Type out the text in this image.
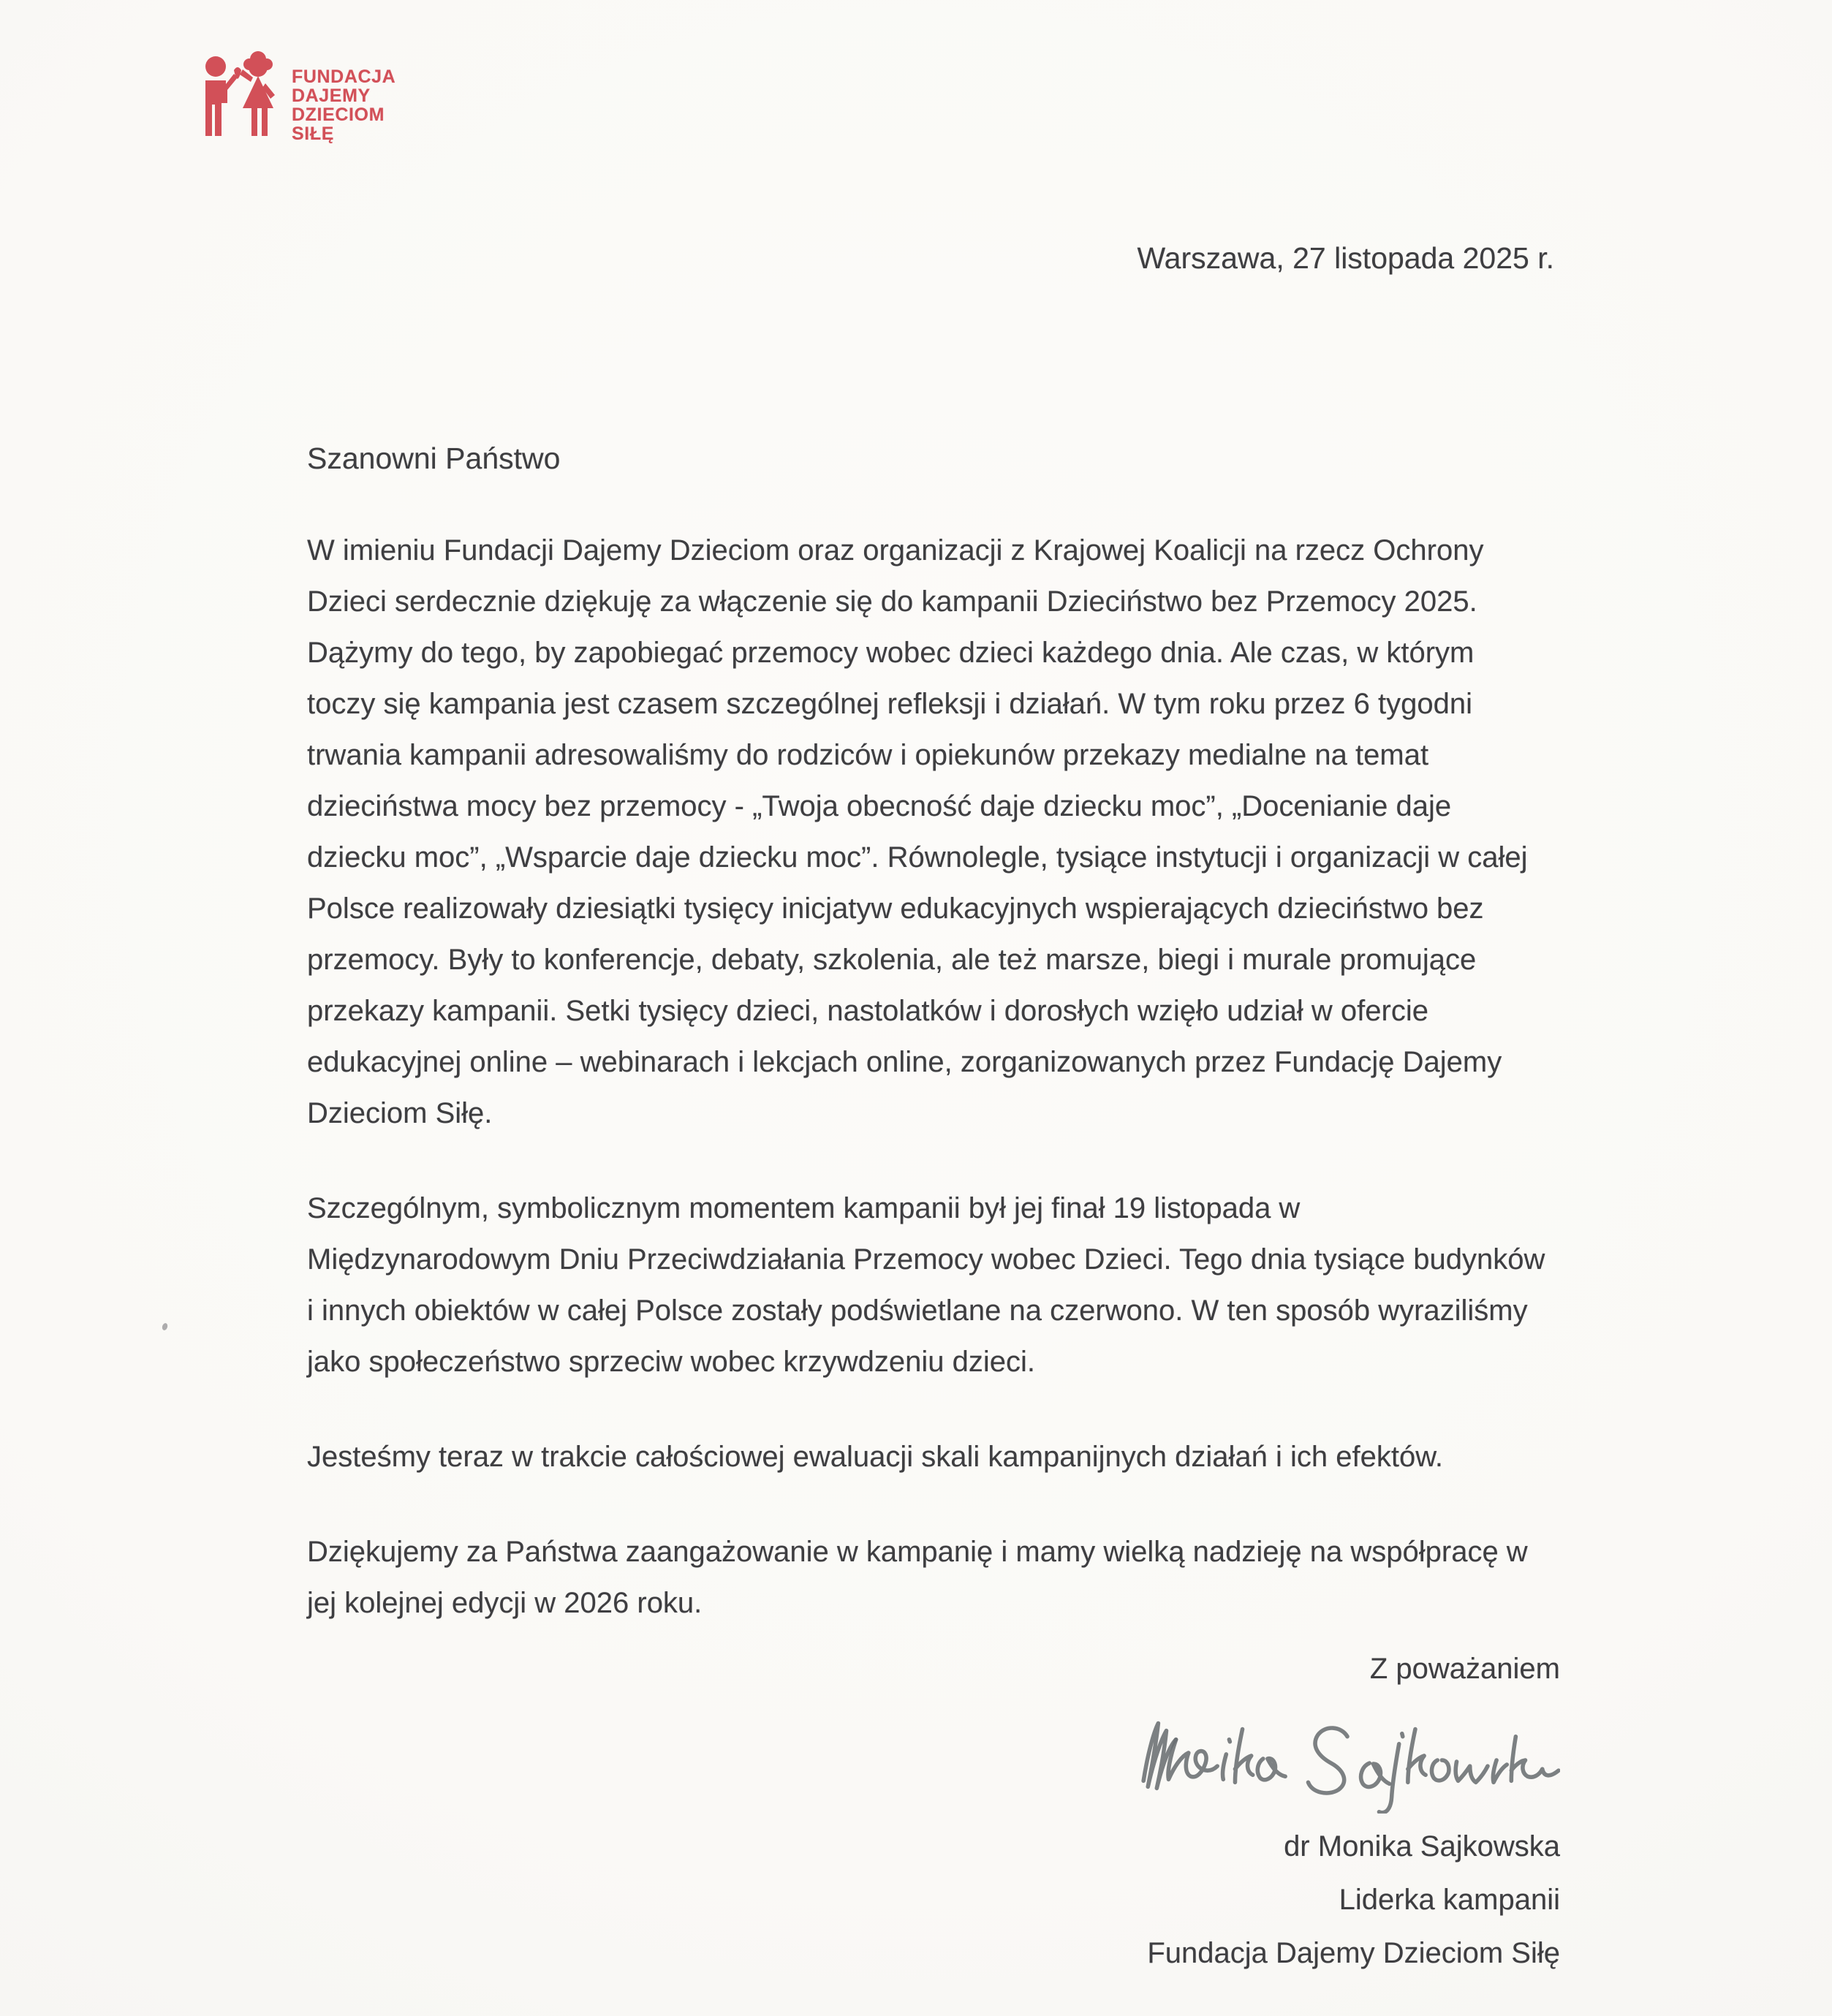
FUNDACJA
DAJEMY
DZIECIOM
SIŁĘ
Warszawa, 27 listopada 2025 r.
Szanowni Państwo

W imieniu Fundacji Dajemy Dzieciom oraz organizacji z Krajowej Koalicji na rzecz Ochrony Dzieci serdecznie dziękuję za włączenie się do kampanii Dzieciństwo bez Przemocy 2025. Dążymy do tego, by zapobiegać przemocy wobec dzieci każdego dnia. Ale czas, w którym toczy się kampania jest czasem szczególnej refleksji i działań. W tym roku przez 6 tygodni trwania kampanii adresowaliśmy do rodziców i opiekunów przekazy medialne na temat dzieciństwa mocy bez przemocy - „Twoja obecność daje dziecku moc”, „Docenianie daje dziecku moc”, „Wsparcie daje dziecku moc”. Równolegle, tysiące instytucji i organizacji w całej Polsce realizowały dziesiątki tysięcy inicjatyw edukacyjnych wspierających dzieciństwo bez przemocy. Były to konferencje, debaty, szkolenia, ale też marsze, biegi i murale promujące przekazy kampanii. Setki tysięcy dzieci, nastolatków i dorosłych wzięło udział w ofercie edukacyjnej online – webinarach i lekcjach online, zorganizowanych przez Fundację Dajemy Dzieciom Siłę.

Szczególnym, symbolicznym momentem kampanii był jej finał 19 listopada w Międzynarodowym Dniu Przeciwdziałania Przemocy wobec Dzieci. Tego dnia tysiące budynków i innych obiektów w całej Polsce zostały podświetlane na czerwono. W ten sposób wyraziliśmy jako społeczeństwo sprzeciw wobec krzywdzeniu dzieci.

Jesteśmy teraz w trakcie całościowej ewaluacji skali kampanijnych działań i ich efektów.

Dziękujemy za Państwa zaangażowanie w kampanię i mamy wielką nadzieję na współpracę w jej kolejnej edycji w 2026 roku.

Z poważaniem
dr Monika Sajkowska
Liderka kampanii
Fundacja Dajemy Dzieciom Siłę
